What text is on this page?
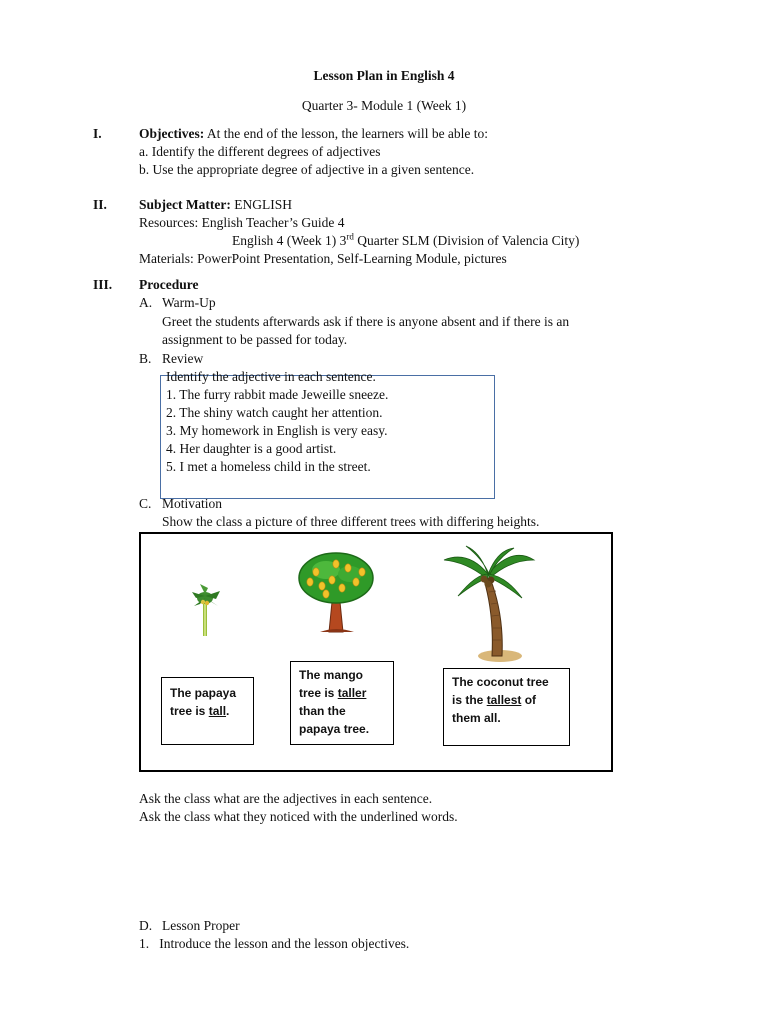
Lesson Plan in English 4
Quarter 3- Module 1 (Week 1)
I.	Objectives: At the end of the lesson, the learners will be able to:
a. Identify the different degrees of adjectives
b. Use the appropriate degree of adjective in a given sentence.
II. Subject Matter: ENGLISH
Resources: English Teacher’s Guide 4
English 4 (Week 1) 3rd Quarter SLM (Division of Valencia City)
Materials: PowerPoint Presentation, Self-Learning Module, pictures
III. Procedure
A. Warm-Up
Greet the students afterwards ask if there is anyone absent and if there is an
assignment to be passed for today.
B. Review
Identify the adjective in each sentence.
1. The furry rabbit made Jeweille sneeze.
2. The shiny watch caught her attention.
3. My homework in English is very easy.
4. Her daughter is a good artist.
5. I met a homeless child in the street.
C. Motivation
Show the class a picture of three different trees with differing heights.
The papaya tree is tall.
The mango tree is taller than the papaya tree.
The coconut tree is the tallest of them all.
Ask the class what are the adjectives in each sentence.
Ask the class what they noticed with the underlined words.
D. Lesson Proper
1.   Introduce the lesson and the lesson objectives.
